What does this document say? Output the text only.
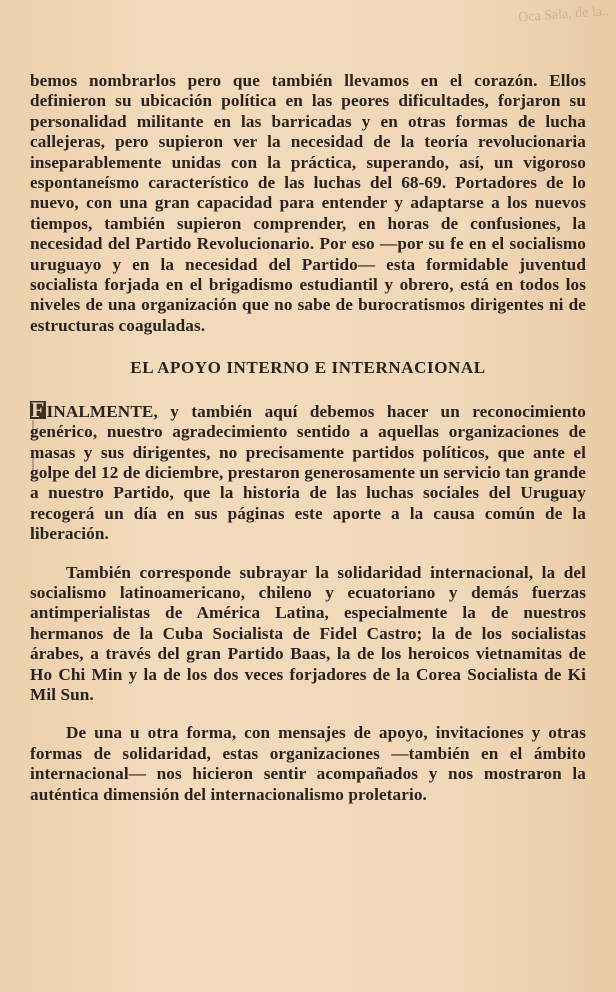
Oca Sala, de la..

bemos nombrarlos pero que también llevamos en el corazón. Ellos definieron su ubicación política en las peores dificultades, forjaron su personalidad militante en las barricadas y en otras formas de lucha callejeras, pero supieron ver la necesidad de la teoría revolucionaria inseparablemente unidas con la práctica, superando, así, un vigoroso espontaneísmo característico de las luchas del 68-69. Portadores de lo nuevo, con una gran capacidad para entender y adaptarse a los nuevos tiempos, también supieron comprender, en horas de confusiones, la necesidad del Partido Revolucionario. Por eso —por su fe en el socialismo uruguayo y en la necesidad del Partido— esta formidable juventud socialista forjada en el brigadismo estudiantil y obrero, está en todos los niveles de una organización que no sabe de burocratismos dirigentes ni de estructuras coaguladas.

EL APOYO INTERNO E INTERNACIONAL

F INALMENTE, y también aquí debemos hacer un reconocimiento genérico, nuestro agradecimiento sentido a aquellas organizaciones de masas y sus dirigentes, no precisamente partidos políticos, que ante el golpe del 12 de diciembre, prestaron generosamente un servicio tan grande a nuestro Partido, que la historia de las luchas sociales del Uruguay recogerá un día en sus páginas este aporte a la causa común de la liberación.

También corresponde subrayar la solidaridad internacional, la del socialismo latinoamericano, chileno y ecuatoriano y demás fuerzas antimperialistas de América Latina, especialmente la de nuestros hermanos de la Cuba Socialista de Fidel Castro; la de los socialistas árabes, a través del gran Partido Baas, la de los heroicos vietnamitas de Ho Chi Min y la de los dos veces forjadores de la Corea Socialista de Ki Mil Sun.

De una u otra forma, con mensajes de apoyo, invitaciones y otras formas de solidaridad, estas organizaciones —también en el ámbito internacional— nos hicieron sentir acompañados y nos mostraron la auténtica dimensión del internacionalismo proletario.
